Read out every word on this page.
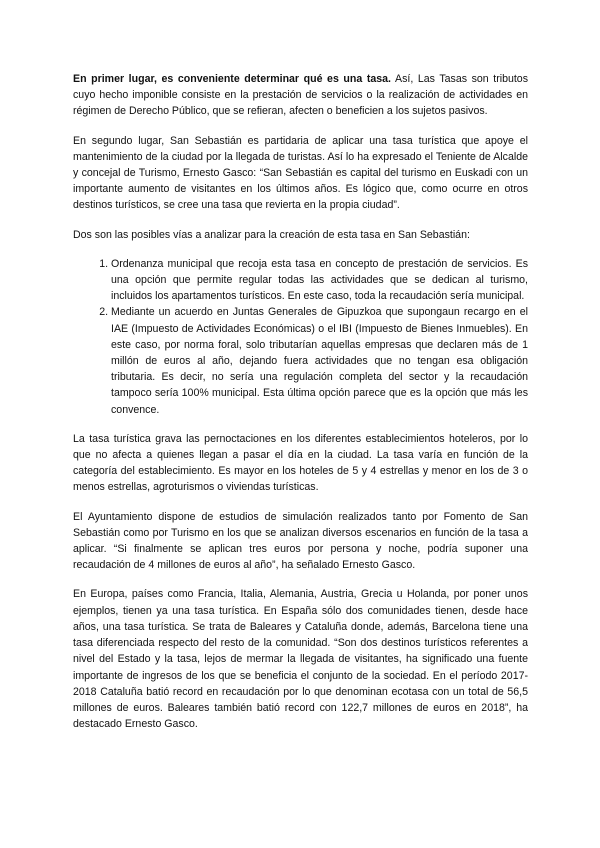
En primer lugar, es conveniente determinar qué es una tasa. Así, Las Tasas son tributos cuyo hecho imponible consiste en la prestación de servicios o la realización de actividades en régimen de Derecho Público, que se refieran, afecten o beneficien a los sujetos pasivos.

En segundo lugar, San Sebastián es partidaria de aplicar una tasa turística que apoye el mantenimiento de la ciudad por la llegada de turistas. Así lo ha expresado el Teniente de Alcalde y concejal de Turismo, Ernesto Gasco: “San Sebastián es capital del turismo en Euskadi con un importante aumento de visitantes en los últimos años. Es lógico que, como ocurre en otros destinos turísticos, se cree una tasa que revierta en la propia ciudad”.

Dos son las posibles vías a analizar para la creación de esta tasa en San Sebastián:

1. Ordenanza municipal que recoja esta tasa en concepto de prestación de servicios. Es una opción que permite regular todas las actividades que se dedican al turismo, incluidos los apartamentos turísticos. En este caso, toda la recaudación sería municipal.
2. Mediante un acuerdo en Juntas Generales de Gipuzkoa que supongaun recargo en el IAE (Impuesto de Actividades Económicas) o el IBI (Impuesto de Bienes Inmuebles). En este caso, por norma foral, solo tributarían aquellas empresas que declaren más de 1 millón de euros al año, dejando fuera actividades que no tengan esa obligación tributaria. Es decir, no sería una regulación completa del sector y la recaudación tampoco sería 100% municipal. Esta última opción parece que es la opción que más les convence.

La tasa turística grava las pernoctaciones en los diferentes establecimientos hoteleros, por lo que no afecta a quienes llegan a pasar el día en la ciudad. La tasa varía en función de la categoría del establecimiento. Es mayor en los hoteles de 5 y 4 estrellas y menor en los de 3 o menos estrellas, agroturismos o viviendas turísticas.

El Ayuntamiento dispone de estudios de simulación realizados tanto por Fomento de San Sebastián como por Turismo en los que se analizan diversos escenarios en función de la tasa a aplicar. “Si finalmente se aplican tres euros por persona y noche, podría suponer una recaudación de 4 millones de euros al año”, ha señalado Ernesto Gasco.

En Europa, países como Francia, Italia, Alemania, Austria, Grecia u Holanda, por poner unos ejemplos, tienen ya una tasa turística. En España sólo dos comunidades tienen, desde hace años, una tasa turística. Se trata de Baleares y Cataluña donde, además, Barcelona tiene una tasa diferenciada respecto del resto de la comunidad. “Son dos destinos turísticos referentes a nivel del Estado y la tasa, lejos de mermar la llegada de visitantes, ha significado una fuente importante de ingresos de los que se beneficia el conjunto de la sociedad. En el período 2017-2018 Cataluña batió record en recaudación por lo que denominan ecotasa con un total de 56,5 millones de euros. Baleares también batió record con 122,7 millones de euros en 2018”, ha destacado Ernesto Gasco.
